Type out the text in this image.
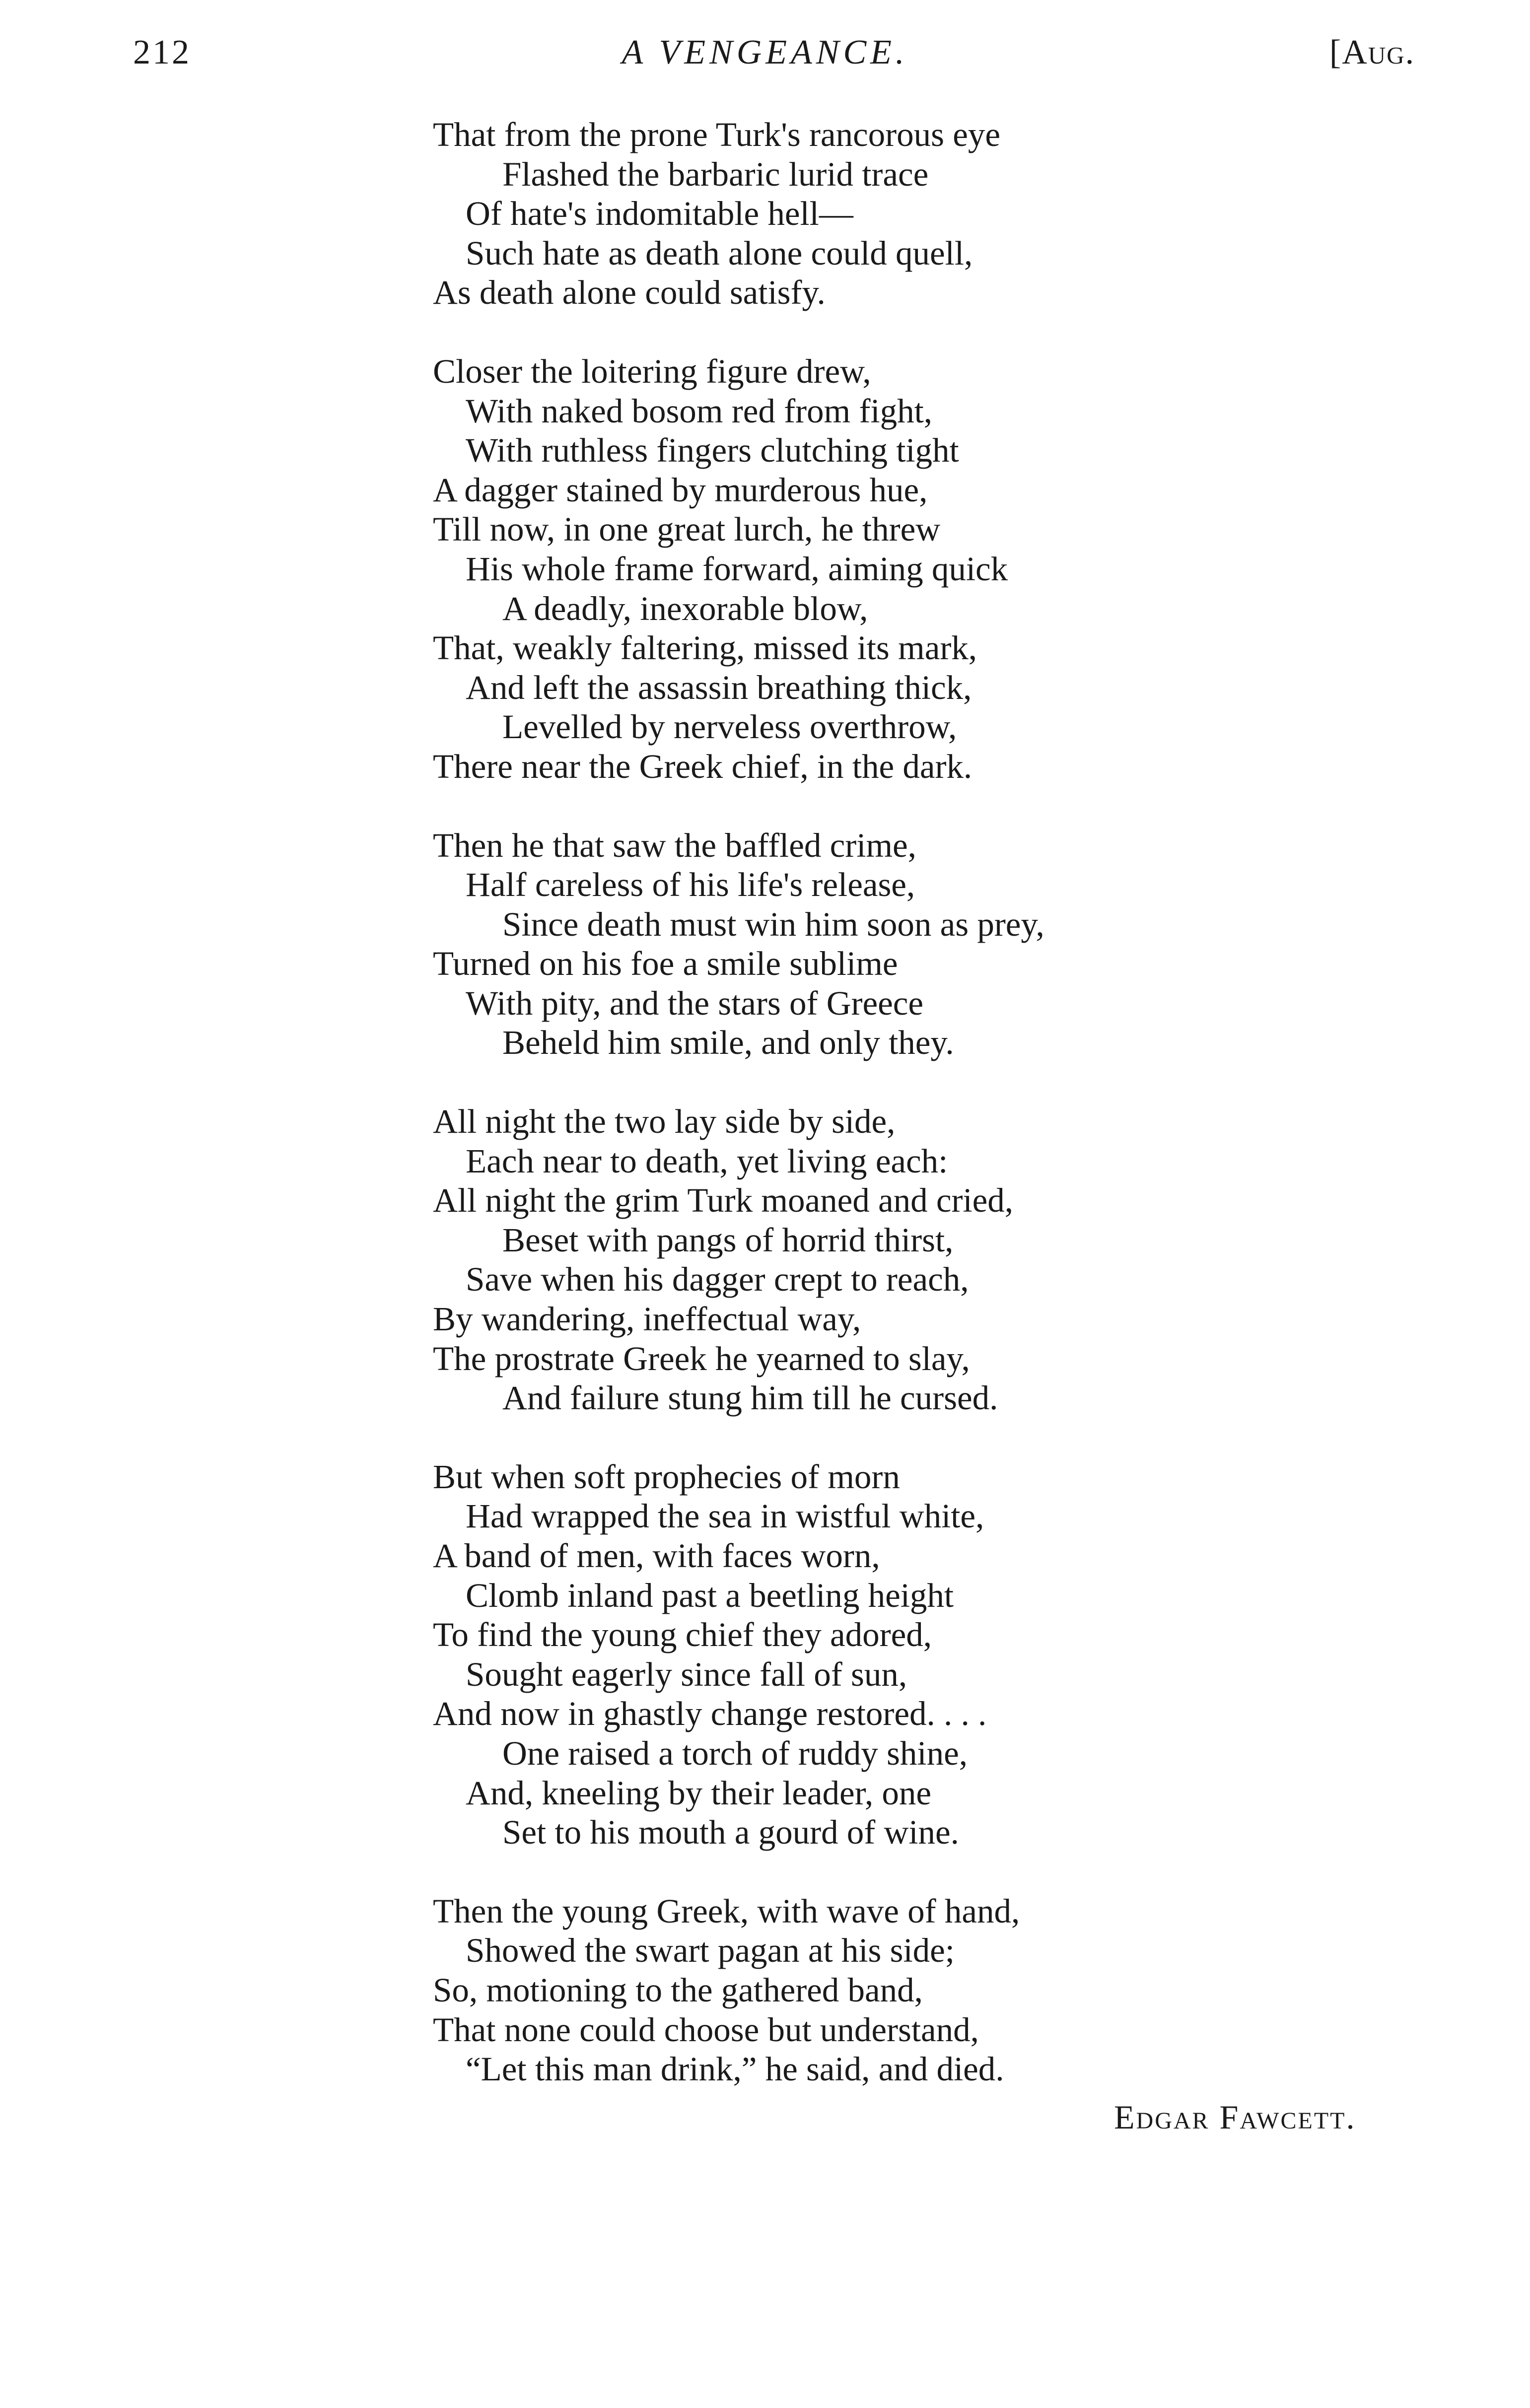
212	A VENGEANCE.	[Aug.
That from the prone Turk's rancorous eye
Flashed the barbaric lurid trace
Of hate's indomitable hell—
Such hate as death alone could quell,
As death alone could satisfy.
Closer the loitering figure drew,
With naked bosom red from fight,
With ruthless fingers clutching tight
A dagger stained by murderous hue,
Till now, in one great lurch, he threw
His whole frame forward, aiming quick
A deadly, inexorable blow,
That, weakly faltering, missed its mark,
And left the assassin breathing thick,
Levelled by nerveless overthrow,
There near the Greek chief, in the dark.
Then he that saw the baffled crime,
Half careless of his life's release,
Since death must win him soon as prey,
Turned on his foe a smile sublime
With pity, and the stars of Greece
Beheld him smile, and only they.
All night the two lay side by side,
Each near to death, yet living each:
All night the grim Turk moaned and cried,
Beset with pangs of horrid thirst,
Save when his dagger crept to reach,
By wandering, ineffectual way,
The prostrate Greek he yearned to slay,
And failure stung him till he cursed.
But when soft prophecies of morn
Had wrapped the sea in wistful white,
A band of men, with faces worn,
Clomb inland past a beetling height
To find the young chief they adored,
Sought eagerly since fall of sun,
And now in ghastly change restored. . . .
One raised a torch of ruddy shine,
And, kneeling by their leader, one
Set to his mouth a gourd of wine.
Then the young Greek, with wave of hand,
Showed the swart pagan at his side;
So, motioning to the gathered band,
That none could choose but understand,
“Let this man drink,” he said, and died.
Edgar Fawcett.
